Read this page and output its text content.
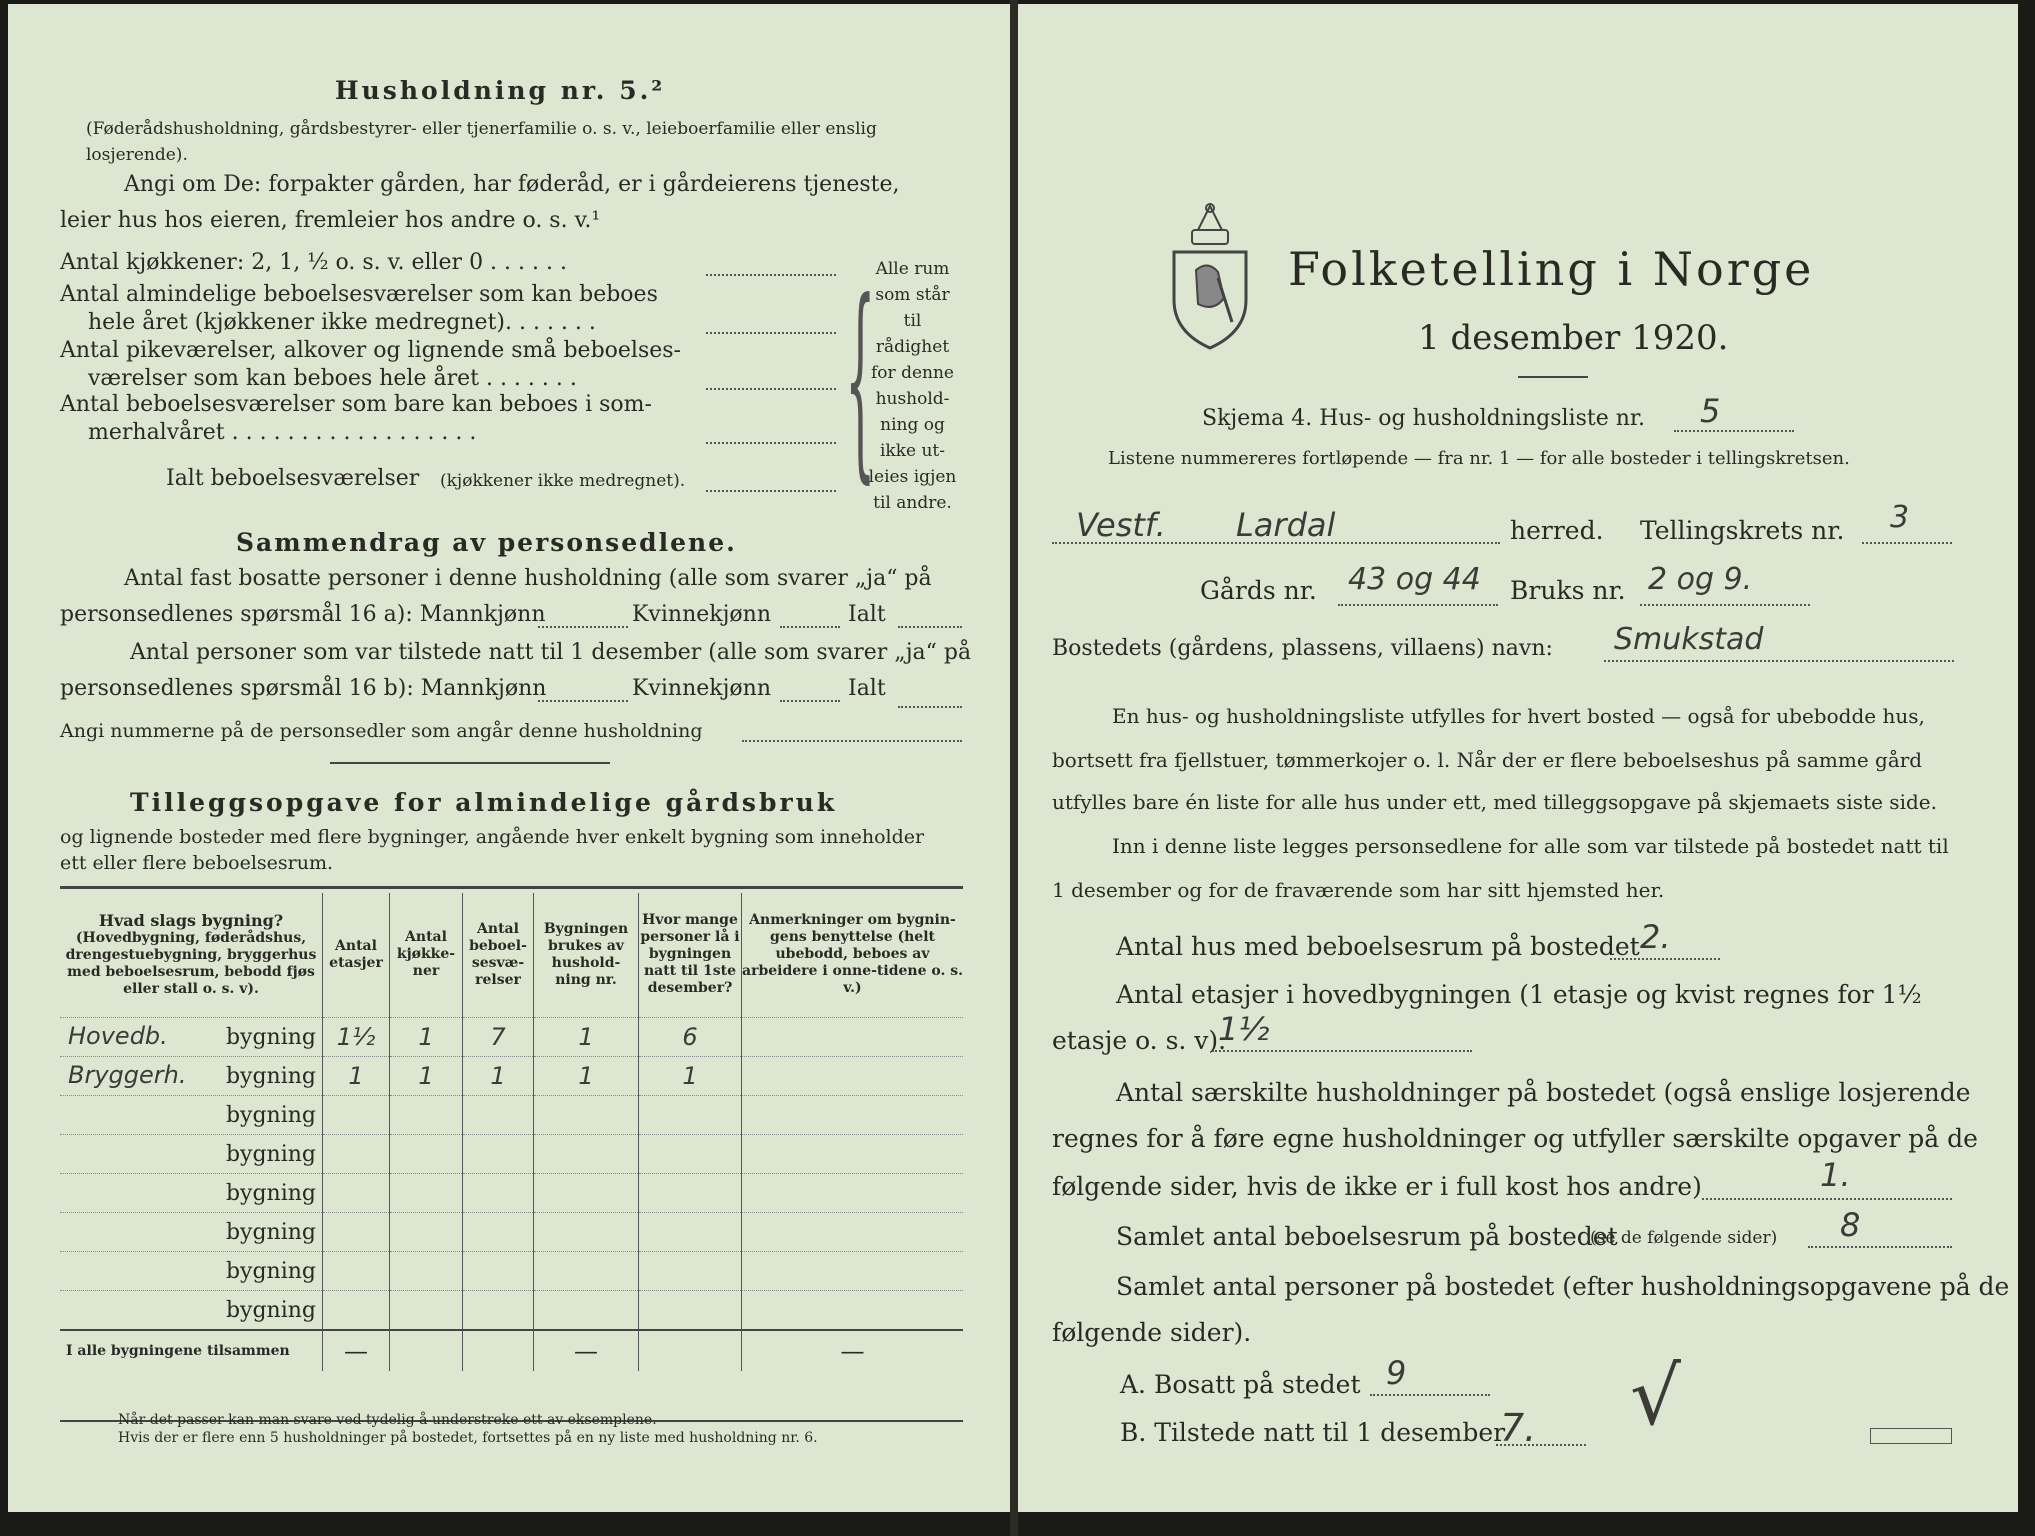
Husholdning nr. 5.²
(Føderådshusholdning, gårdsbestyrer- eller tjenerfamilie o. s. v., leieboerfamilie eller enslig losjerende).
Angi om De: forpakter gården, har føderåd, er i gårdeierens tjeneste,
leier hus hos eieren, fremleier hos andre o. s. v.¹
Antal kjøkkener: 2, 1, ½ o. s. v. eller 0 . . . . . .
Antal almindelige beboelsesværelser som kan beboes
hele året (kjøkkener ikke medregnet). . . . . . .
Antal pikeværelser, alkover og lignende små beboelses-
værelser som kan beboes hele året . . . . . . .
Antal beboelsesværelser som bare kan beboes i som-
merhalvåret . . . . . . . . . . . . . . . . . .
Ialt beboelsesværelser (kjøkkener ikke medregnet).	{ Alle rum
som står til
rådighet
for denne
hushold-
ning og
ikke ut-
leies igjen
til andre.
Sammendrag av personsedlene.
Antal fast bosatte personer i denne husholdning (alle som svarer „ja“ på
personsedlenes spørsmål 16 a): Mannkjønn	Kvinnekjønn	Ialt
Antal personer som var tilstede natt til 1 desember (alle som svarer „ja“ på
personsedlenes spørsmål 16 b): Mannkjønn	Kvinnekjønn	Ialt
Angi nummerne på de personsedler som angår denne husholdning
Tilleggsopgave for almindelige gårdsbruk
og lignende bosteder med flere bygninger, angående hver enkelt bygning som inneholder
ett eller flere beboelsesrum.
Hvad slags bygning?
(Hovedbygning, føderådshus, drengestuebygning, bryggerhus med beboelsesrum, bebodd fjøs eller stall o. s. v).	Antal etasjer	Antal kjøkke-ner	Antal beboel-sesvæ-relser	Bygningen brukes av hushold-ning nr.	Hvor mange personer lå i bygningen natt til 1ste desember?	Anmerkninger om bygnin-gens benyttelse (helt ubebodd, beboes av arbeidere i onne-tidene o. s. v.)

Hovedb. bygning	1½	1	7	1	6	

Bryggerh. bygning	1	1	1	1	1	

bygning						

bygning						

bygning						

bygning						

bygning						

bygning						

I alle bygningene tilsammen	—			—		—
Når det passer kan man svare ved tydelig å understreke ett av eksemplene.
Hvis der er flere enn 5 husholdninger på bostedet, fortsettes på en ny liste med husholdning nr. 6.
Folketelling i Norge
1 desember 1920.
Skjema 4. Hus- og husholdningsliste nr. 5
Listene nummereres fortløpende — fra nr. 1 — for alle bosteder i tellingskretsen.
Vestf. Lardal	herred. Tellingskrets nr. 3
Gårds nr. 43 og 44 Bruks nr. 2 og 9.
Bostedets (gårdens, plassens, villaens) navn: Smukstad
En hus- og husholdningsliste utfylles for hvert bosted — også for ubebodde hus,
bortsett fra fjellstuer, tømmerkojer o. l. Når der er flere beboelseshus på samme gård
utfylles bare én liste for alle hus under ett, med tilleggsopgave på skjemaets siste side.
Inn i denne liste legges personsedlene for alle som var tilstede på bostedet natt til
1 desember og for de fraværende som har sitt hjemsted her.
Antal hus med beboelsesrum på bostedet 2.
Antal etasjer i hovedbygningen (1 etasje og kvist regnes for 1½
etasje o. s. v).
1½
Antal særskilte husholdninger på bostedet (også enslige losjerende
regnes for å føre egne husholdninger og utfyller særskilte opgaver på de
følgende sider, hvis de ikke er i full kost hos andre)	1.
Samlet antal beboelsesrum på bostedet
(se de følgende sider) 8
Samlet antal personer på bostedet (efter husholdningsopgavene på de
følgende sider).
A. Bosatt på stedet 9
B. Tilstede natt til 1 desember
7. √
